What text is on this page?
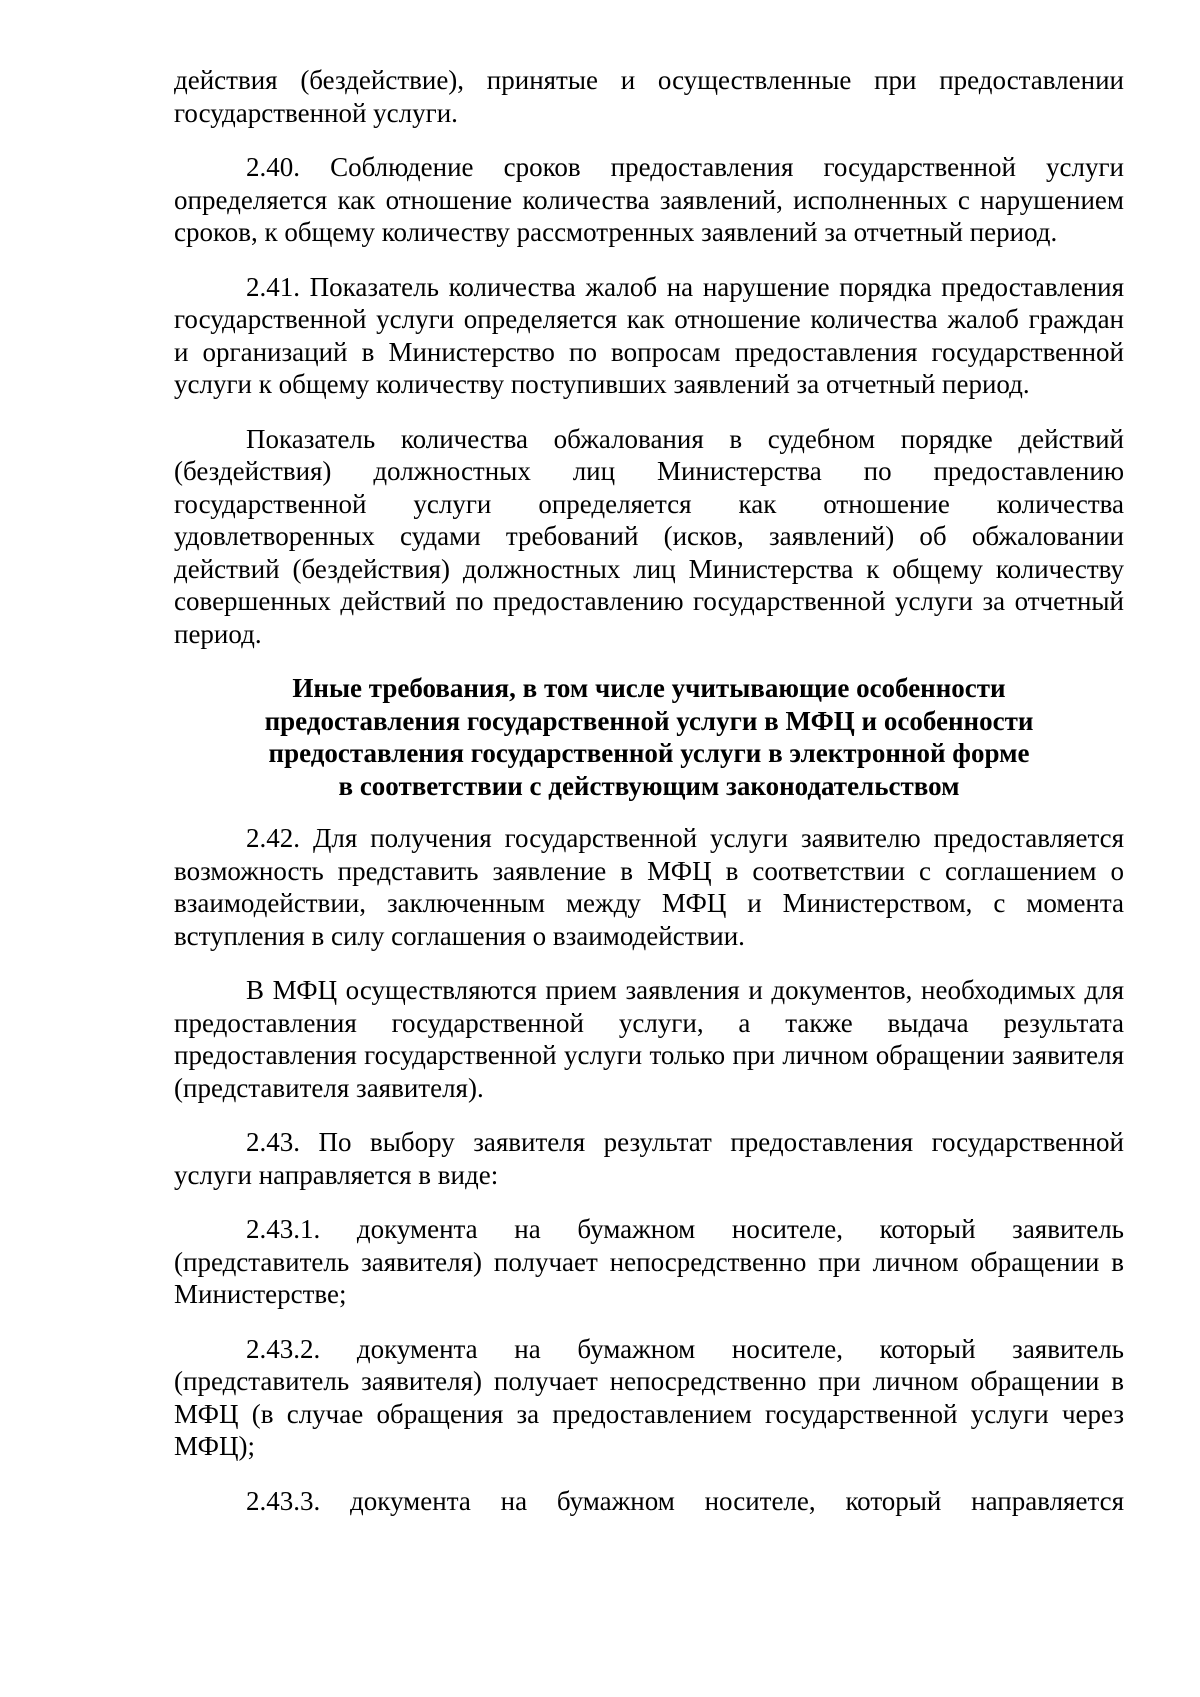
действия (бездействие), принятые и осуществленные при предоставлении государственной услуги.

2.40. Соблюдение сроков предоставления государственной услуги определяется как отношение количества заявлений, исполненных с нарушением сроков, к общему количеству рассмотренных заявлений за отчетный период.

2.41. Показатель количества жалоб на нарушение порядка предоставления государственной услуги определяется как отношение количества жалоб граждан и организаций в Министерство по вопросам предоставления государственной услуги к общему количеству поступивших заявлений за отчетный период.

Показатель количества обжалования в судебном порядке действий (бездействия) должностных лиц Министерства по предоставлению государственной услуги определяется как отношение количества удовлетворенных судами требований (исков, заявлений) об обжаловании действий (бездействия) должностных лиц Министерства к общему количеству совершенных действий по предоставлению государственной услуги за отчетный период.

Иные требования, в том числе учитывающие особенности
предоставления государственной услуги в МФЦ и особенности
предоставления государственной услуги в электронной форме
в соответствии с действующим законодательством

2.42. Для получения государственной услуги заявителю предоставляется возможность представить заявление в МФЦ в соответствии с соглашением о взаимодействии, заключенным между МФЦ и Министерством, с момента вступления в силу соглашения о взаимодействии.

В МФЦ осуществляются прием заявления и документов, необходимых для предоставления государственной услуги, а также выдача результата предоставления государственной услуги только при личном обращении заявителя (представителя заявителя).

2.43. По выбору заявителя результат предоставления государственной услуги направляется в виде:

2.43.1. документа на бумажном носителе, который заявитель (представитель заявителя) получает непосредственно при личном обращении в Министерстве;

2.43.2. документа на бумажном носителе, который заявитель (представитель заявителя) получает непосредственно при личном обращении в МФЦ (в случае обращения за предоставлением государственной услуги через МФЦ);

2.43.3. документа на бумажном носителе, который направляется
